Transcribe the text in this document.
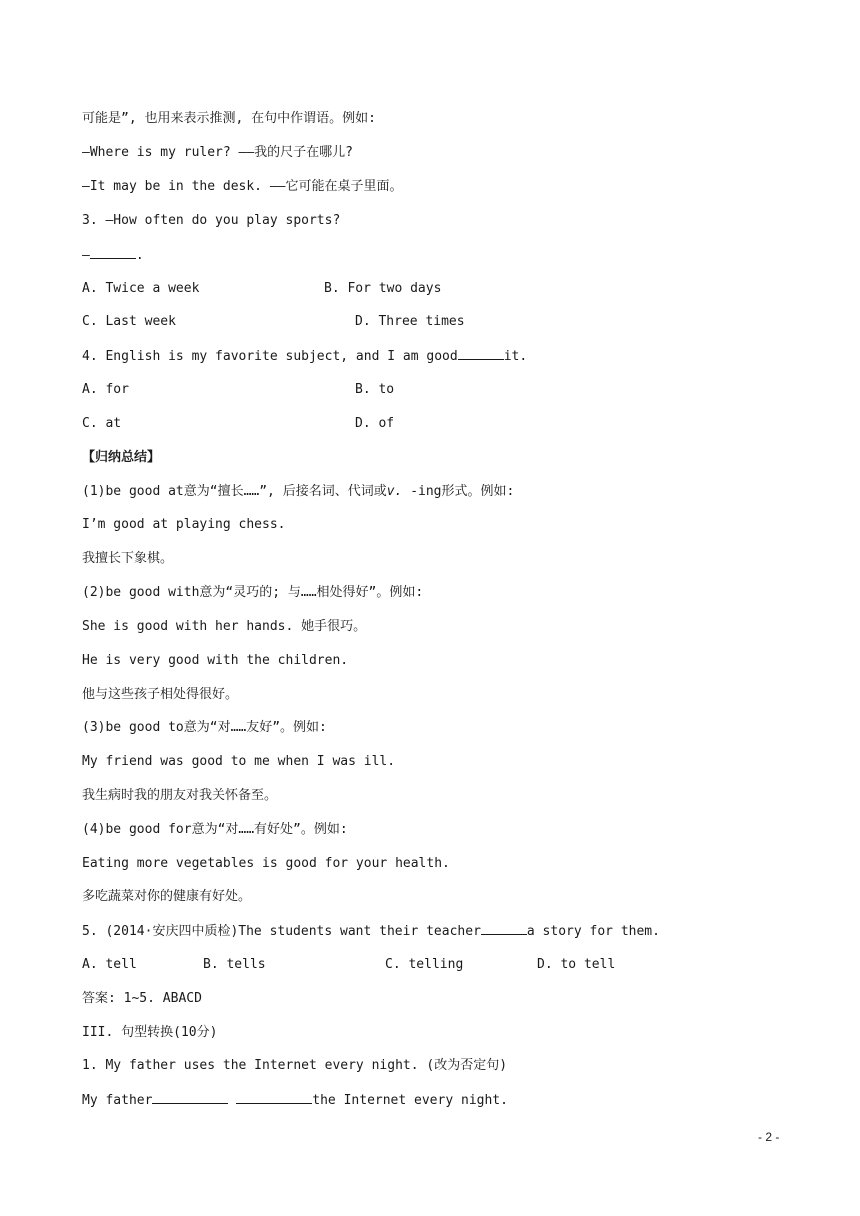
可能是”, 也用来表示推测, 在句中作谓语。例如:
—Where is my ruler? ——我的尺子在哪儿?
—It may be in the desk. ——它可能在桌子里面。
3. —How often do you play sports?
—	.
A. Twice a week	B. For two days
C. Last week	D. Three times
4. English is my favorite subject, and I am good	it.
A. for	B. to
C. at	D. of
【归纳总结】
(1)be good at意为“擅长……”, 后接名词、代词或v. -ing形式。例如:
I’m good at playing chess.
我擅长下象棋。
(2)be good with意为“灵巧的; 与……相处得好”。例如:
She is good with her hands. 她手很巧。
He is very good with the children.
他与这些孩子相处得很好。
(3)be good to意为“对……友好”。例如:
My friend was good to me when I was ill.
我生病时我的朋友对我关怀备至。
(4)be good for意为“对……有好处”。例如:
Eating more vegetables is good for your health.
多吃蔬菜对你的健康有好处。
5. (2014·安庆四中质检)The students want their teacher	a story for them.
A. tell	B. tells	C. telling	D. to tell
答案: 1~5. ABACD
III. 句型转换(10分)
1. My father uses the Internet every night. (改为否定句)
My father	the Internet every night.
- 2 -
